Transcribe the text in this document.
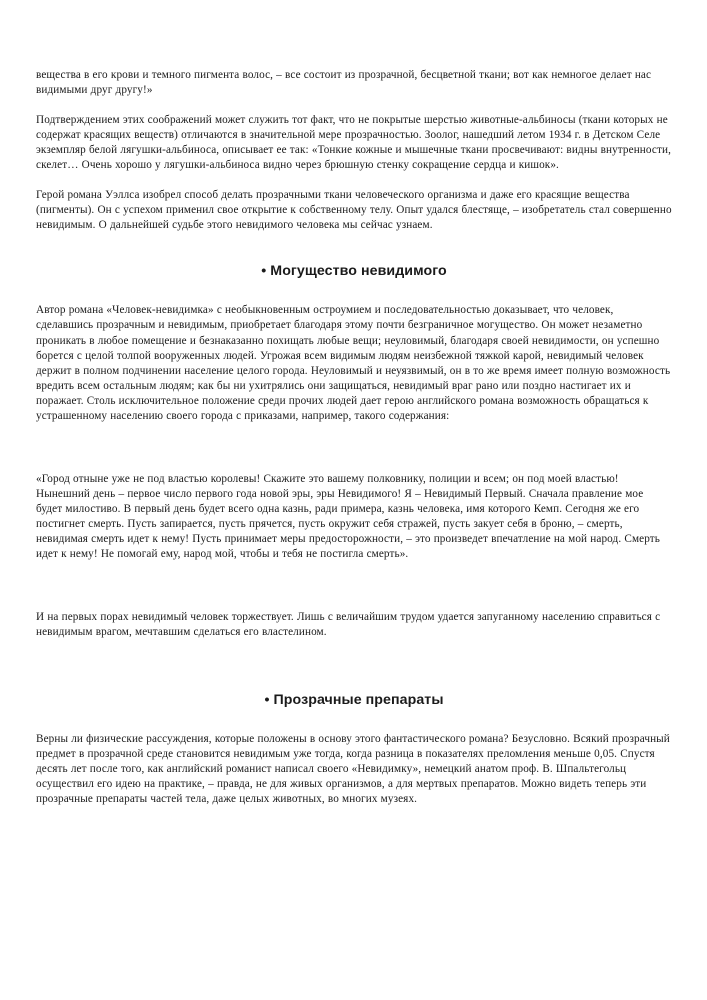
вещества в его крови и темного пигмента волос, – все состоит из прозрачной, бесцветной ткани; вот как немногое делает нас видимыми друг другу!»

Подтверждением этих соображений может служить тот факт, что не покрытые шерстью животные-альбиносы (ткани которых не содержат красящих веществ) отличаются в значительной мере прозрачностью. Зоолог, нашедший летом 1934 г. в Детском Селе экземпляр белой лягушки-альбиноса, описывает ее так: «Тонкие кожные и мышечные ткани просвечивают: видны внутренности, скелет… Очень хорошо у лягушки-альбиноса видно через брюшную стенку сокращение сердца и кишок».

Герой романа Уэллса изобрел способ делать прозрачными ткани человеческого организма и даже его красящие вещества (пигменты). Он с успехом применил свое открытие к собственному телу. Опыт удался блестяще, – изобретатель стал совершенно невидимым. О дальнейшей судьбе этого невидимого человека мы сейчас узнаем.

• Могущество невидимого

Автор романа «Человек-невидимка» с необыкновенным остроумием и последовательностью доказывает, что человек, сделавшись прозрачным и невидимым, приобретает благодаря этому почти безграничное могущество. Он может незаметно проникать в любое помещение и безнаказанно похищать любые вещи; неуловимый, благодаря своей невидимости, он успешно борется с целой толпой вооруженных людей. Угрожая всем видимым людям неизбежной тяжкой карой, невидимый человек держит в полном подчинении население целого города. Неуловимый и неуязвимый, он в то же время имеет полную возможность вредить всем остальным людям; как бы ни ухитрялись они защищаться, невидимый враг рано или поздно настигает их и поражает. Столь исключительное положение среди прочих людей дает герою английского романа возможность обращаться к устрашенному населению своего города с приказами, например, такого содержания:

«Город отныне уже не под властью королевы! Скажите это вашему полковнику, полиции и всем; он под моей властью! Нынешний день – первое число первого года новой эры, эры Невидимого! Я – Невидимый Первый. Сначала правление мое будет милостиво. В первый день будет всего одна казнь, ради примера, казнь человека, имя которого Кемп. Сегодня же его постигнет смерть. Пусть запирается, пусть прячется, пусть окружит себя стражей, пусть закует себя в броню, – смерть, невидимая смерть идет к нему! Пусть принимает меры предосторожности, – это произведет впечатление на мой народ. Смерть идет к нему! Не помогай ему, народ мой, чтобы и тебя не постигла смерть».

И на первых порах невидимый человек торжествует. Лишь с величайшим трудом удается запуганному населению справиться с невидимым врагом, мечтавшим сделаться его властелином.

• Прозрачные препараты

Верны ли физические рассуждения, которые положены в основу этого фантастического романа? Безусловно. Всякий прозрачный предмет в прозрачной среде становится невидимым уже тогда, когда разница в показателях преломления меньше 0,05. Спустя десять лет после того, как английский романист написал своего «Невидимку», немецкий анатом проф. В. Шпальтегольц осуществил его идею на практике, – правда, не для живых организмов, а для мертвых препаратов. Можно видеть теперь эти прозрачные препараты частей тела, даже целых животных, во многих музеях.
